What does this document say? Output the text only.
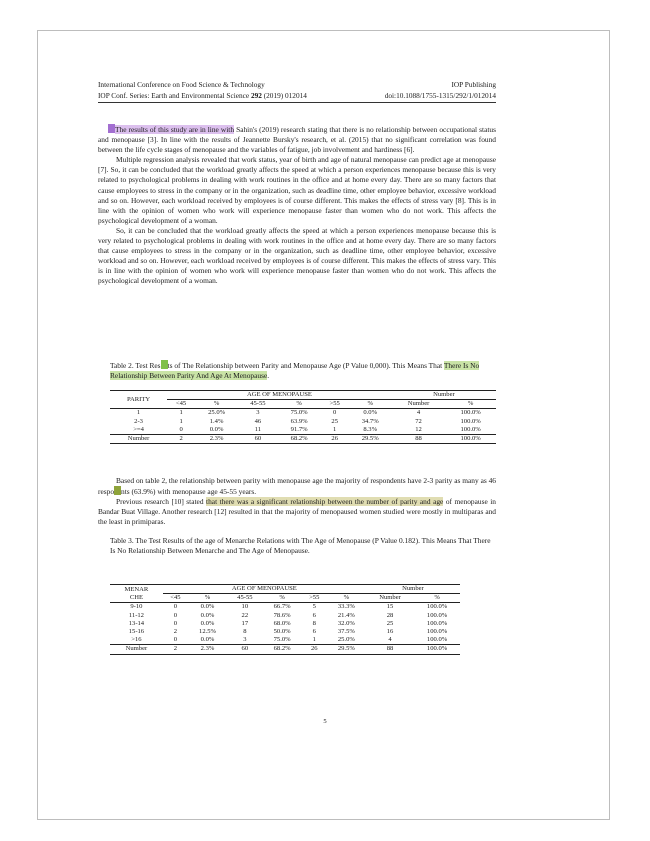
International Conference on Food Science & Technology	IOP Publishing
IOP Conf. Series: Earth and Environmental Science 292 (2019) 012014	doi:10.1088/1755-1315/292/1/012014

The results of this study are in line with Sahin's (2019) research stating that there is no relationship between occupational status and menopause [3]. In line with the results of Jeannette Bursky's research, et al. (2015) that no significant correlation was found between the life cycle stages of menopause and the variables of fatigue, job involvement and hardiness [6].

Multiple regression analysis revealed that work status, year of birth and age of natural menopause can predict age at menopause [7]. So, it can be concluded that the workload greatly affects the speed at which a person experiences menopause because this is very related to psychological problems in dealing with work routines in the office and at home every day. There are so many factors that cause employees to stress in the company or in the organization, such as deadline time, other employee behavior, excessive workload and so on. However, each workload received by employees is of course different. This makes the effects of stress vary [8]. This is in line with the opinion of women who work will experience menopause faster than women who do not work. This affects the psychological development of a woman.

So, it can be concluded that the workload greatly affects the speed at which a person experiences menopause because this is very related to psychological problems in dealing with work routines in the office and at home every day. There are so many factors that cause employees to stress in the company or in the organization, such as deadline time, other employee behavior, excessive workload and so on. However, each workload received by employees is of course different. This makes the effects of stress vary. This is in line with the opinion of women who work will experience menopause faster than women who do not work. This affects the psychological development of a woman.

Table 2. Test Res ts of The Relationship between Parity and Menopause Age (P Value 0,000). This Means That There Is No Relationship Between Parity And Age At Menopause.
PARITY	AGE OF MENOPAUSE						Number	
	<45	%	45-55	%	>55	%	Number	%
1	1	25.0%	3	75.0%	0	0.0%	4	100.0%
2-3	1	1.4%	46	63.9%	25	34.7%	72	100.0%
>=4	0	0.0%	11	91.7%	1	8.3%	12	100.0%
Number	2	2.3%	60	68.2%	26	29.5%	88	100.0%

Based on table 2, the relationship between parity with menopause age the majority of respondents have 2-3 parity as many as 46 respo nts (63.9%) with menopause age 45-55 years.

Previous research [10] stated that there was a significant relationship between the number of parity and age of menopause in Bandar Buat Village. Another research [12] resulted in that the majority of menopaused women studied were mostly in multiparas and the least in primiparas.

Table 3. The Test Results of the age of Menarche Relations with The Age of Menopause (P Value 0.182). This Means That There Is No Relationship Between Menarche and The Age of Menopause.
MENAR
CHE	AGE OF MENOPAUSE						Number	
	<45	%	45-55	%	>55	%	Number	%
9-10	0	0.0%	10	66.7%	5	33.3%	15	100.0%
11-12	0	0.0%	22	78.6%	6	21.4%	28	100.0%
13-14	0	0.0%	17	68.0%	8	32.0%	25	100.0%
15-16	2	12.5%	8	50.0%	6	37.5%	16	100.0%
>16	0	0.0%	3	75.0%	1	25.0%	4	100.0%
Number	2	2.3%	60	68.2%	26	29.5%	88	100.0%
5
